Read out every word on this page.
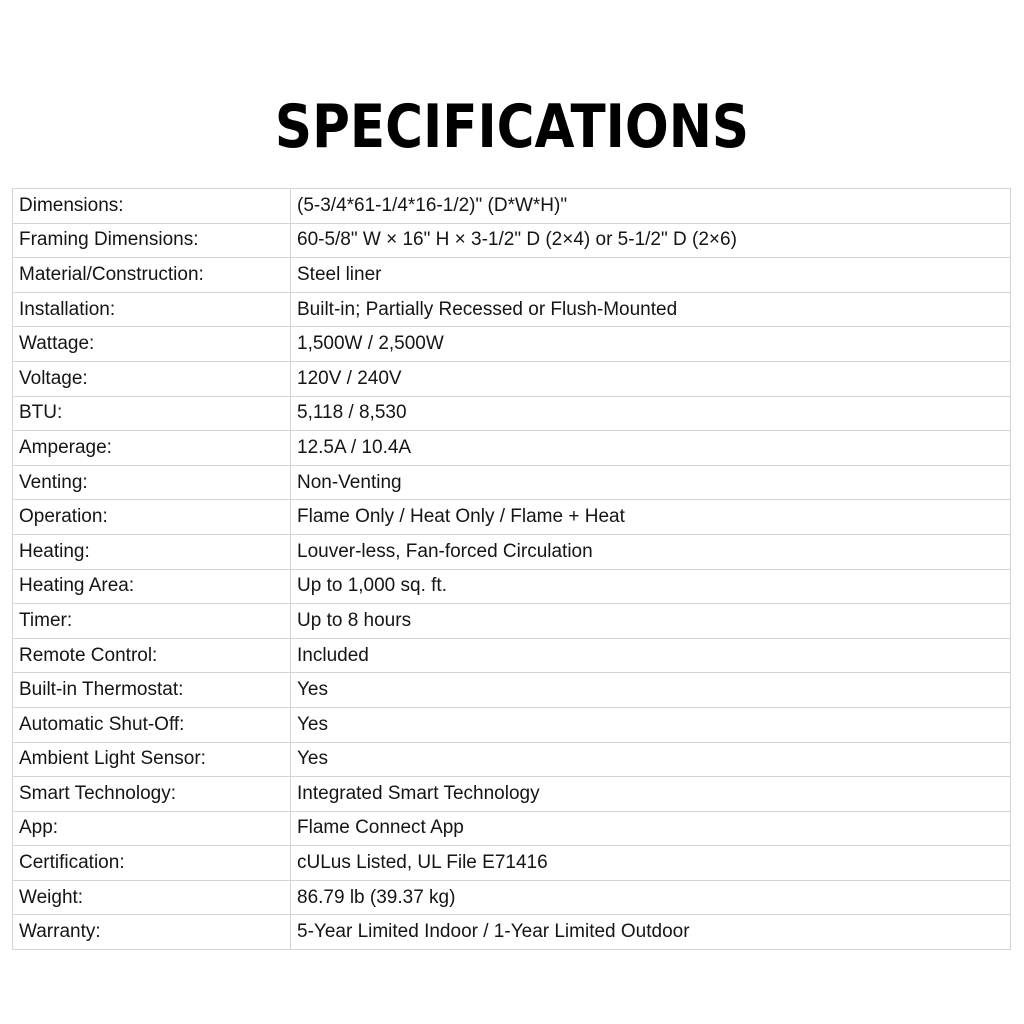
SPECIFICATIONS
Dimensions:	(5-3/4*61-1/4*16-1/2)" (D*W*H)"
Framing Dimensions:	60-5/8" W × 16" H × 3-1/2" D (2×4) or 5-1/2" D (2×6)
Material/Construction:	Steel liner
Installation:	Built-in; Partially Recessed or Flush-Mounted
Wattage:	1,500W / 2,500W
Voltage:	120V / 240V
BTU:	5,118 / 8,530
Amperage:	12.5A / 10.4A
Venting:	Non-Venting
Operation:	Flame Only / Heat Only / Flame + Heat
Heating:	Louver-less, Fan-forced Circulation
Heating Area:	Up to 1,000 sq. ft.
Timer:	Up to 8 hours
Remote Control:	Included
Built-in Thermostat:	Yes
Automatic Shut-Off:	Yes
Ambient Light Sensor:	Yes
Smart Technology:	Integrated Smart Technology
App:	Flame Connect App
Certification:	cULus Listed, UL File E71416
Weight:	86.79 lb (39.37 kg)
Warranty:	5-Year Limited Indoor / 1-Year Limited Outdoor
